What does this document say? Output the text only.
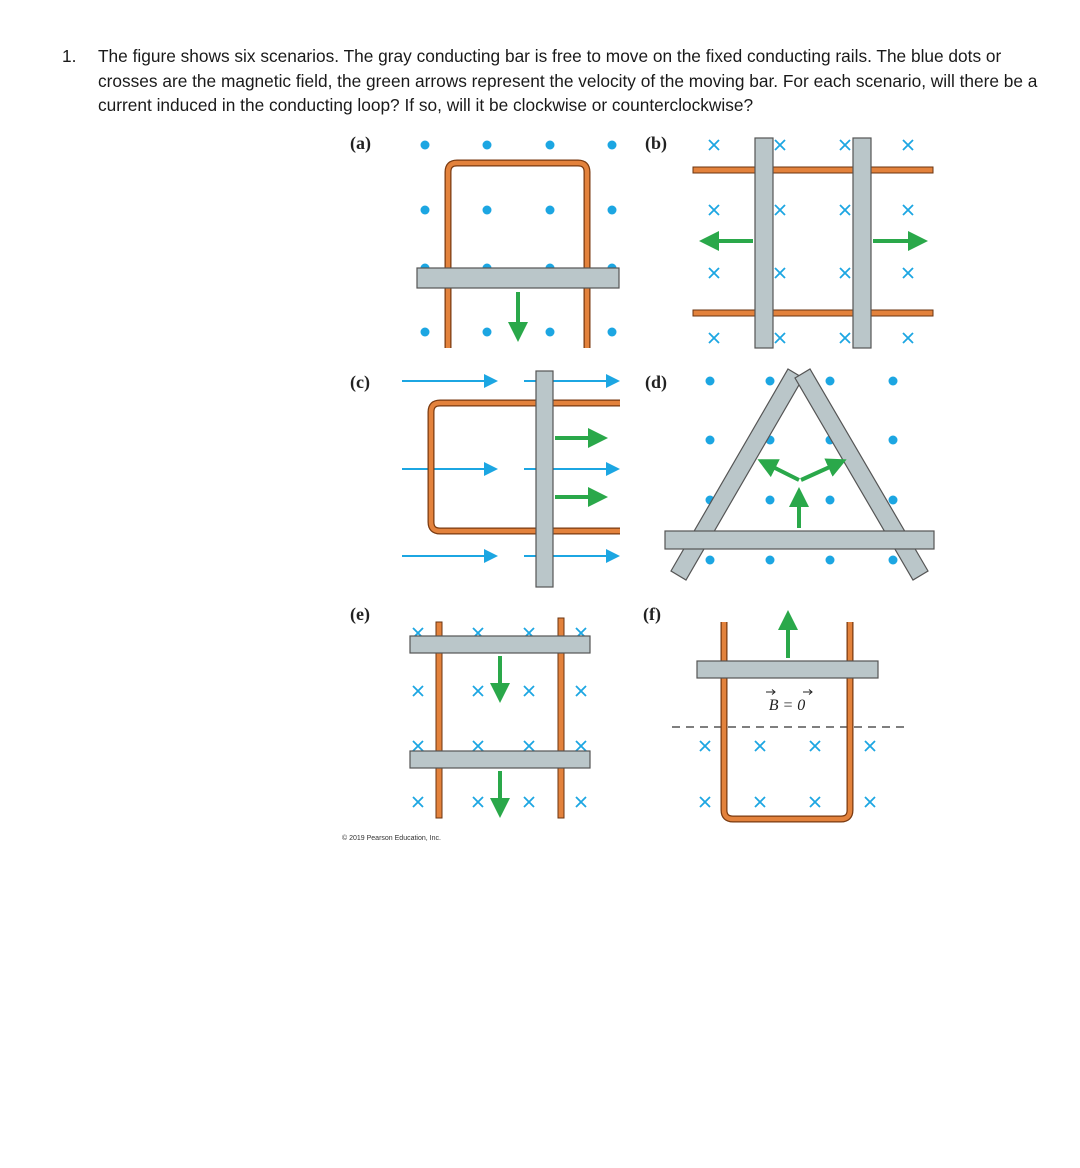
1. The figure shows six scenarios. The gray conducting bar is free to move on the fixed conducting rails. The blue dots or crosses are the magnetic field, the green arrows represent the velocity of the moving bar. For each scenario, will there be a current induced in the conducting loop? If so, will it be clockwise or counterclockwise?
(a)	(b)
(c)	(d)
(e)	(f)
B = 0
© 2019 Pearson Education, Inc.
